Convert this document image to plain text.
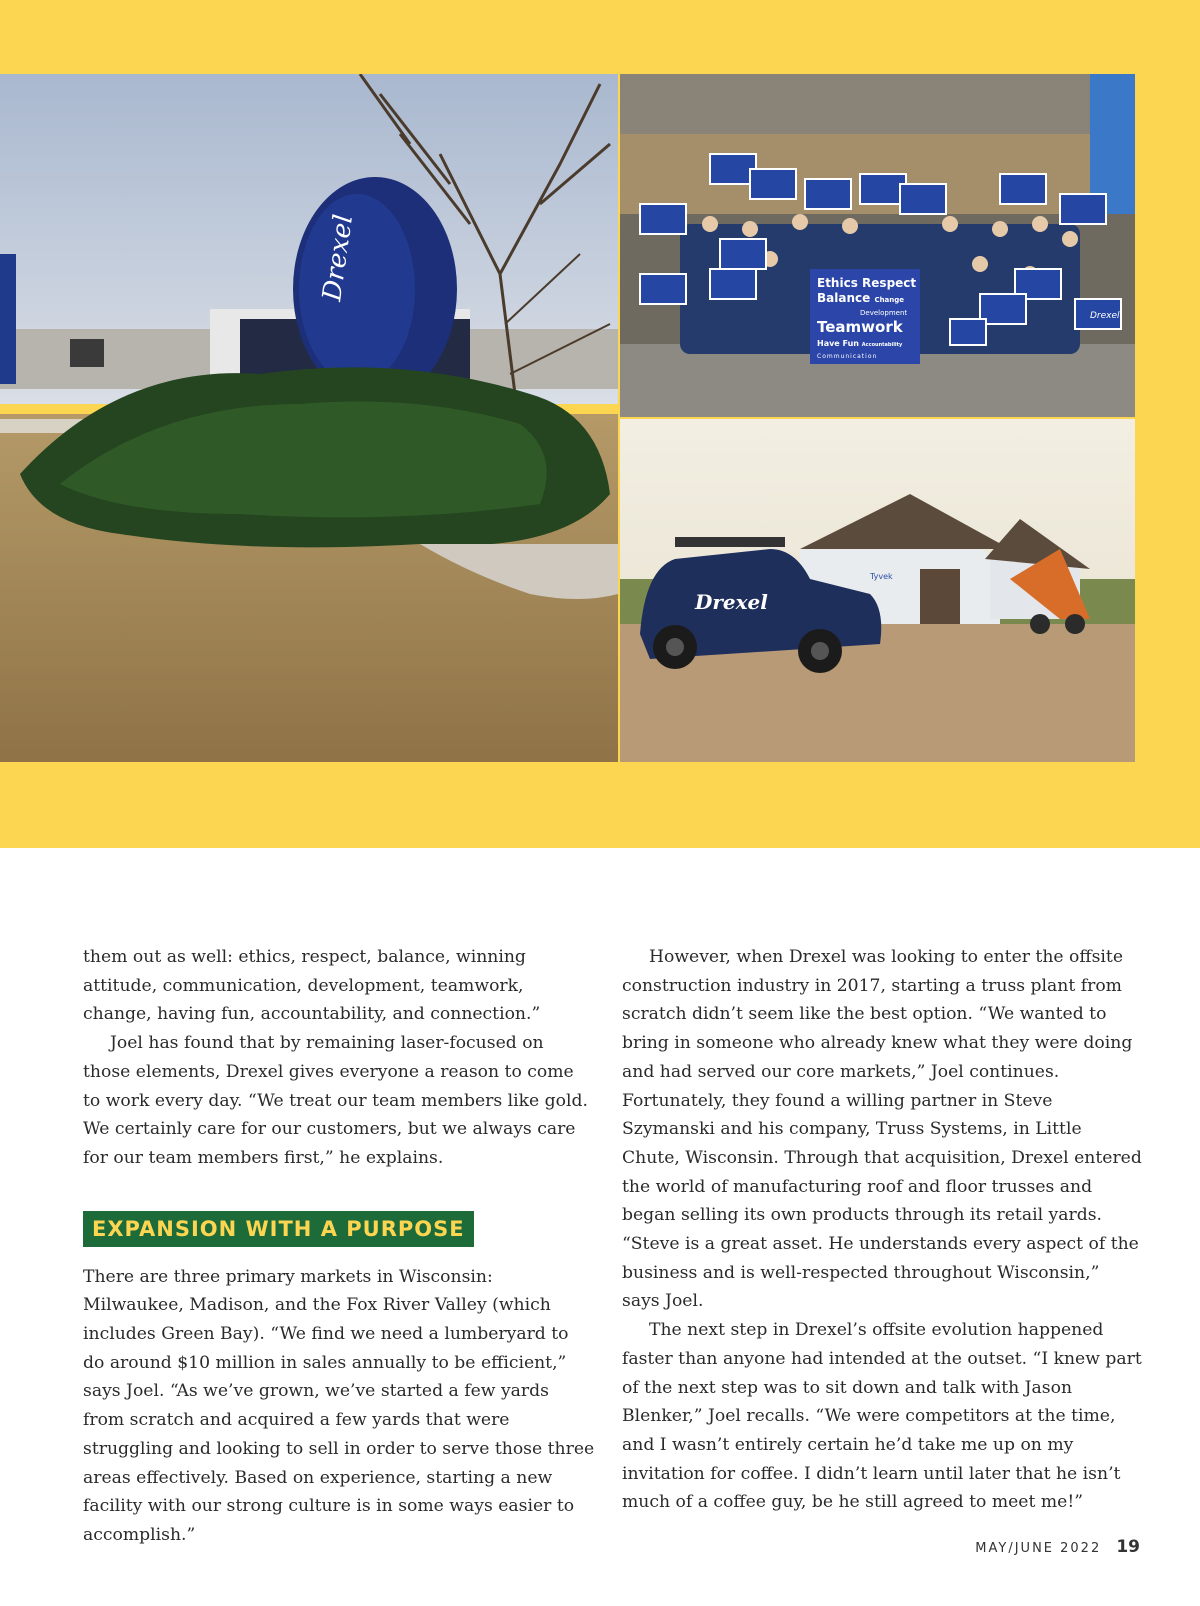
Drexel
Drexel
Ethics Respect
Balance Change
Development
Teamwork
Have Fun Accountability
Communication
Tyvek
Drexel

them out as well: ethics, respect, balance, winning attitude, communication, development, teamwork, change, having fun, accountability, and connection.”

Joel has found that by remaining laser-focused on those elements, Drexel gives everyone a reason to come to work every day. “We treat our team members like gold. We certainly care for our customers, but we always care for our team members first,” he explains.

EXPANSION WITH A PURPOSE

There are three primary markets in Wisconsin: Milwaukee, Madison, and the Fox River Valley (which includes Green Bay). “We find we need a lumberyard to do around $10 million in sales annually to be efficient,” says Joel. “As we’ve grown, we’ve started a few yards from scratch and acquired a few yards that were struggling and looking to sell in order to serve those three areas effectively. Based on experience, starting a new facility with our strong culture is in some ways easier to accomplish.”

However, when Drexel was looking to enter the offsite construction industry in 2017, starting a truss plant from scratch didn’t seem like the best option. “We wanted to bring in someone who already knew what they were doing and had served our core markets,” Joel continues. Fortunately, they found a willing partner in Steve Szymanski and his company, Truss Systems, in Little Chute, Wisconsin. Through that acquisition, Drexel entered the world of manufacturing roof and floor trusses and began selling its own products through its retail yards. “Steve is a great asset. He understands every aspect of the business and is well-respected throughout Wisconsin,” says Joel.

The next step in Drexel’s offsite evolution happened faster than anyone had intended at the outset. “I knew part of the next step was to sit down and talk with Jason Blenker,” Joel recalls. “We were competitors at the time, and I wasn’t entirely certain he’d take me up on my invitation for coffee. I didn’t learn until later that he isn’t much of a coffee guy, be he still agreed to meet me!”

MAY/JUNE 2022 19
